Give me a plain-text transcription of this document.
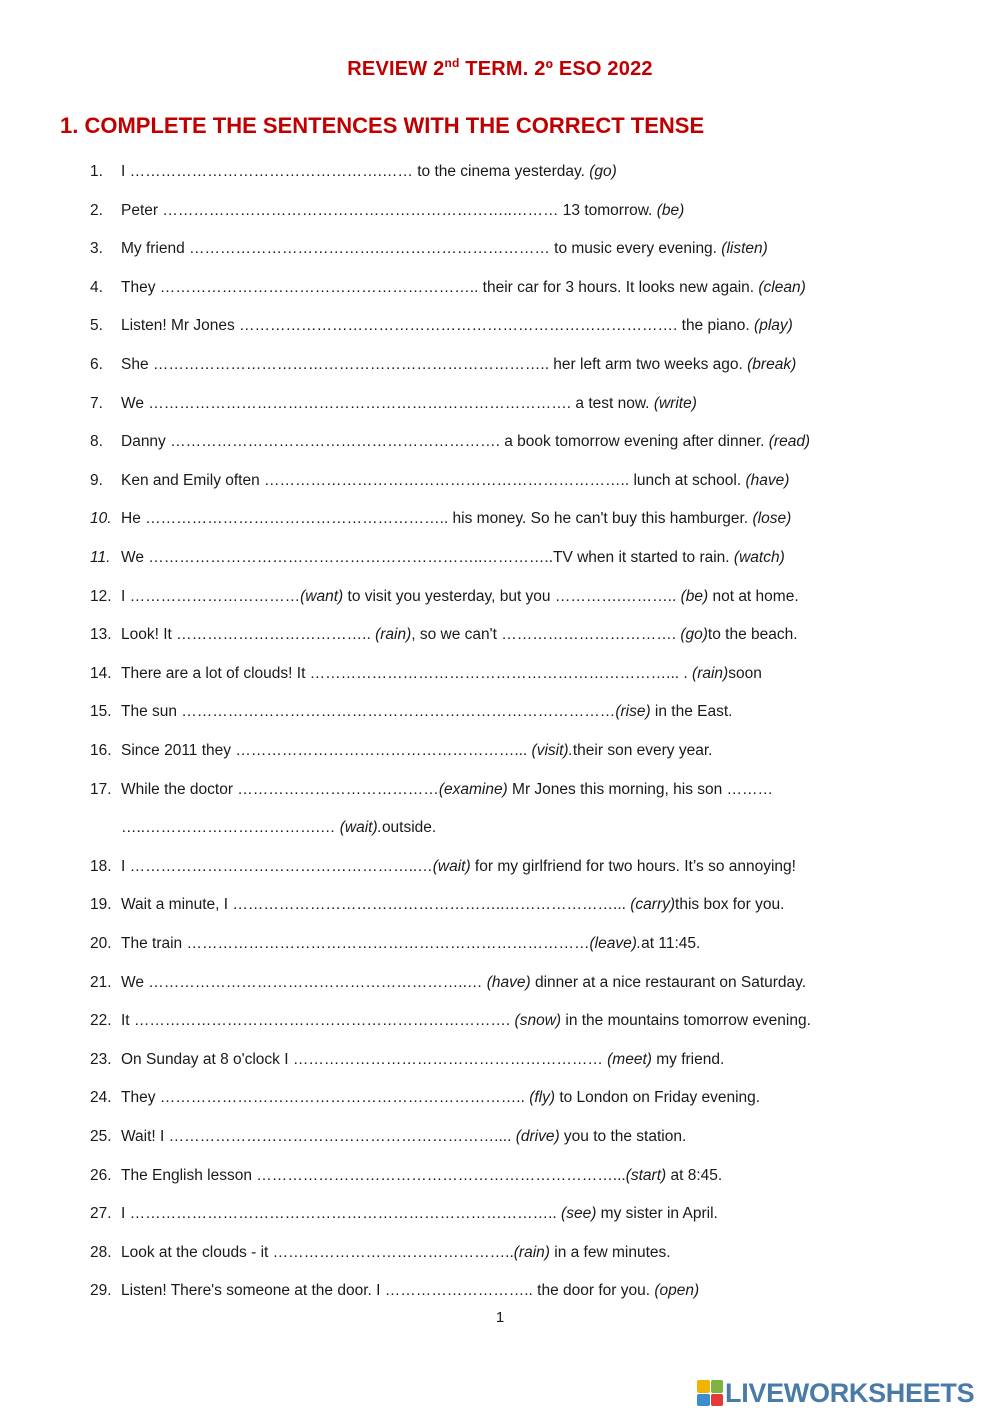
REVIEW 2nd TERM. 2º ESO 2022
1. COMPLETE THE SENTENCES WITH THE CORRECT TENSE
1. I ………………………………………….…… to the cinema yesterday. (go)
2. Peter …………………………………………………………..……… 13 tomorrow. (be)
3. My friend ……………………………….…………………………… to music every evening. (listen)
4. They …………………………………………………….. their car for 3 hours. It looks new again. (clean)
5. Listen! Mr Jones …………………………………………………………………………. the piano. (play)
6. She ………………………………………………………………….. her left arm two weeks ago. (break)
7. We ………………………………………………………………………. a test now. (write)
8. Danny ………………………………………………………. a book tomorrow evening after dinner. (read)
9. Ken and Emily often …………………………………………………………….. lunch at school. (have)
10. He ………………………………………………….. his money. So he can't buy this hamburger. (lose)
11. We ………………………………………………………..…………..TV when it started to rain. (watch)
12. I ……………………………(want) to visit you yesterday, but you ………….……….. (be) not at home.
13. Look! It ……………………………….. (rain), so we can't ……………………………. (go)to the beach.
14. There are a lot of clouds! It ……………………………………………………………... . (rain)soon
15. The sun …………………………………………………………………………(rise) in the East.
16. Since 2011 they ………………………………………………... (visit).their son every year.
17. While the doctor …………………………………(examine) Mr Jones this morning, his son ………
…..…………………………….… (wait).outside.
18. I ………………………………………………..…(wait) for my girlfriend for two hours. It’s so annoying!
19. Wait a minute, I ……………………………………………..…………………... (carry)this box for you.
20. The train ……………………………………………………………………(leave).at 11:45.
21. We ……………………………………………………..… (have) dinner at a nice restaurant on Saturday.
22. It ………………………………………………………………. (snow) in the mountains tomorrow evening.
23. On Sunday at 8 o'clock I …………………………………………………… (meet) my friend.
24. They …………………………………………………………….. (fly) to London on Friday evening.
25. Wait! I ……………………………………………………….... (drive) you to the station.
26. The English lesson ……………………………………………………………...(start) at 8:45.
27. I ……………………………………………………………………….. (see) my sister in April.
28. Look at the clouds - it ………………………………………..(rain) in a few minutes.
29. Listen! There's someone at the door. I ……………………….. the door for you. (open)
1
LIVEWORKSHEETS
